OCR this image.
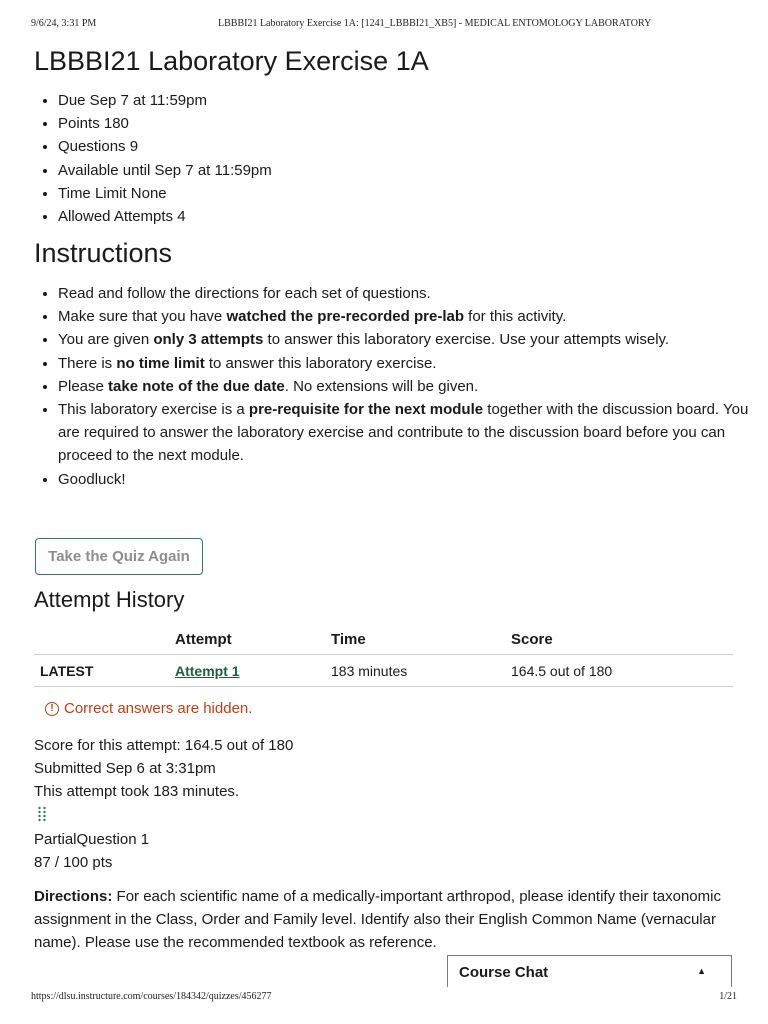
9/6/24, 3:31 PM	LBBBI21 Laboratory Exercise 1A: [1241_LBBBI21_XB5] - MEDICAL ENTOMOLOGY LABORATORY
LBBBI21 Laboratory Exercise 1A
• Due Sep 7 at 11:59pm
• Points 180
• Questions 9
• Available until Sep 7 at 11:59pm
• Time Limit None
• Allowed Attempts 4
Instructions
• Read and follow the directions for each set of questions.
• Make sure that you have watched the pre-recorded pre-lab for this activity.
• You are given only 3 attempts to answer this laboratory exercise. Use your attempts wisely.
• There is no time limit to answer this laboratory exercise.
• Please take note of the due date. No extensions will be given.
• This laboratory exercise is a pre-requisite for the next module together with the discussion board. You are required to answer the laboratory exercise and contribute to the discussion board before you can proceed to the next module.
• Goodluck!
Take the Quiz Again
Attempt History
	Attempt	Time	Score
LATEST	Attempt 1	183 minutes	164.5 out of 180
! Correct answers are hidden.
Score for this attempt: 164.5 out of 180
Submitted Sep 6 at 3:31pm
This attempt took 183 minutes.
PartialQuestion 1
87 / 100 pts
Directions: For each scientific name of a medically-important arthropod, please identify their taxonomic assignment in the Class, Order and Family level. Identify also their English Common Name (vernacular name). Please use the recommended textbook as reference.
Course Chat	▲
https://dlsu.instructure.com/courses/184342/quizzes/456277	1/21
